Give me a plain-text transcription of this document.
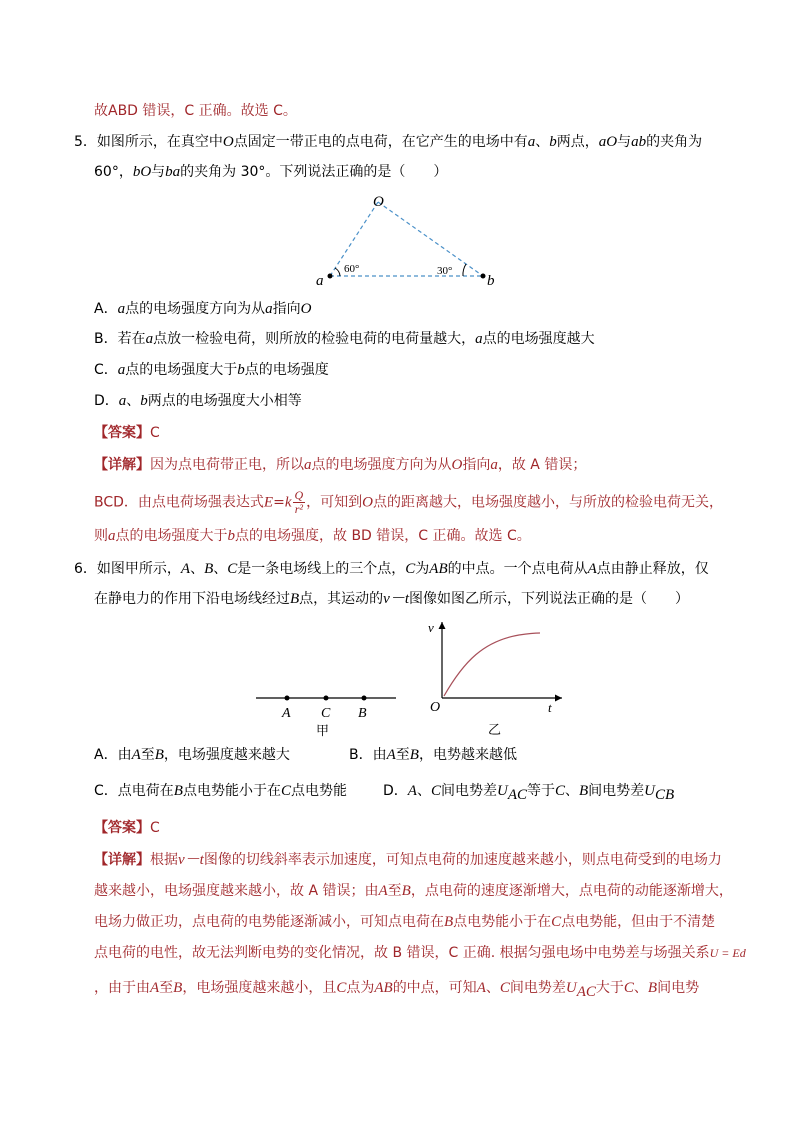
故ABD 错误，C 正确。故选 C。
5．如图所示，在真空中O点固定一带正电的点电荷，在它产生的电场中有a、b两点，aO与ab的夹角为
60°，bO与ba的夹角为 30°。下列说法正确的是（　　）
O
a	b
60°	30°
A．a点的电场强度方向为从a指向O
B．若在a点放一检验电荷，则所放的检验电荷的电荷量越大，a点的电场强度越大
C．a点的电场强度大于b点的电场强度
D．a、b两点的电场强度大小相等
【答案】C
【详解】因为点电荷带正电，所以a点的电场强度方向为从O指向a，故 A 错误；
BCD．由点电荷场强表达式$E=k \frac{Q}{\text{r²}}$ ，可知到O点的距离越大，电场强度越小，与所放的检验电荷无关，
则a点的电场强度大于b点的电场强度，故 BD 错误，C 正确。故选 C。
6．如图甲所示，A、B、C是一条电场线上的三个点，C为AB的中点。一个点电荷从A点由静止释放，仅
在静电力的作用下沿电场线经过B点，其运动的v－t图像如图乙所示，下列说法正确的是（　　）
A C B
甲
v
t
O
乙
A．由A至B，电场强度越来越大	B．由A至B，电势越来越低
C．点电荷在B点电势能小于在C点电势能	D．A、C间电势差$U_{AC}$等于C、B间电势差$U_{CB}$
【答案】C
【详解】根据v－t图像的切线斜率表示加速度，可知点电荷的加速度越来越小，则点电荷受到的电场力
越来越小，电场强度越来越小，故 A 错误；由A至B，点电荷的速度逐渐增大，点电荷的动能逐渐增大，
电场力做正功，点电荷的电势能逐渐减小，可知点电荷在B点电势能小于在C点电势能，但由于不清楚
点电荷的电性，故无法判断电势的变化情况，故 B 错误，C 正确. 根据匀强电场中电势差与场强关系U = Ed
，由于由A至B，电场强度越来越小，且C点为AB的中点，可知A、C间电势差$U_{AC}$大于C、B间电势
